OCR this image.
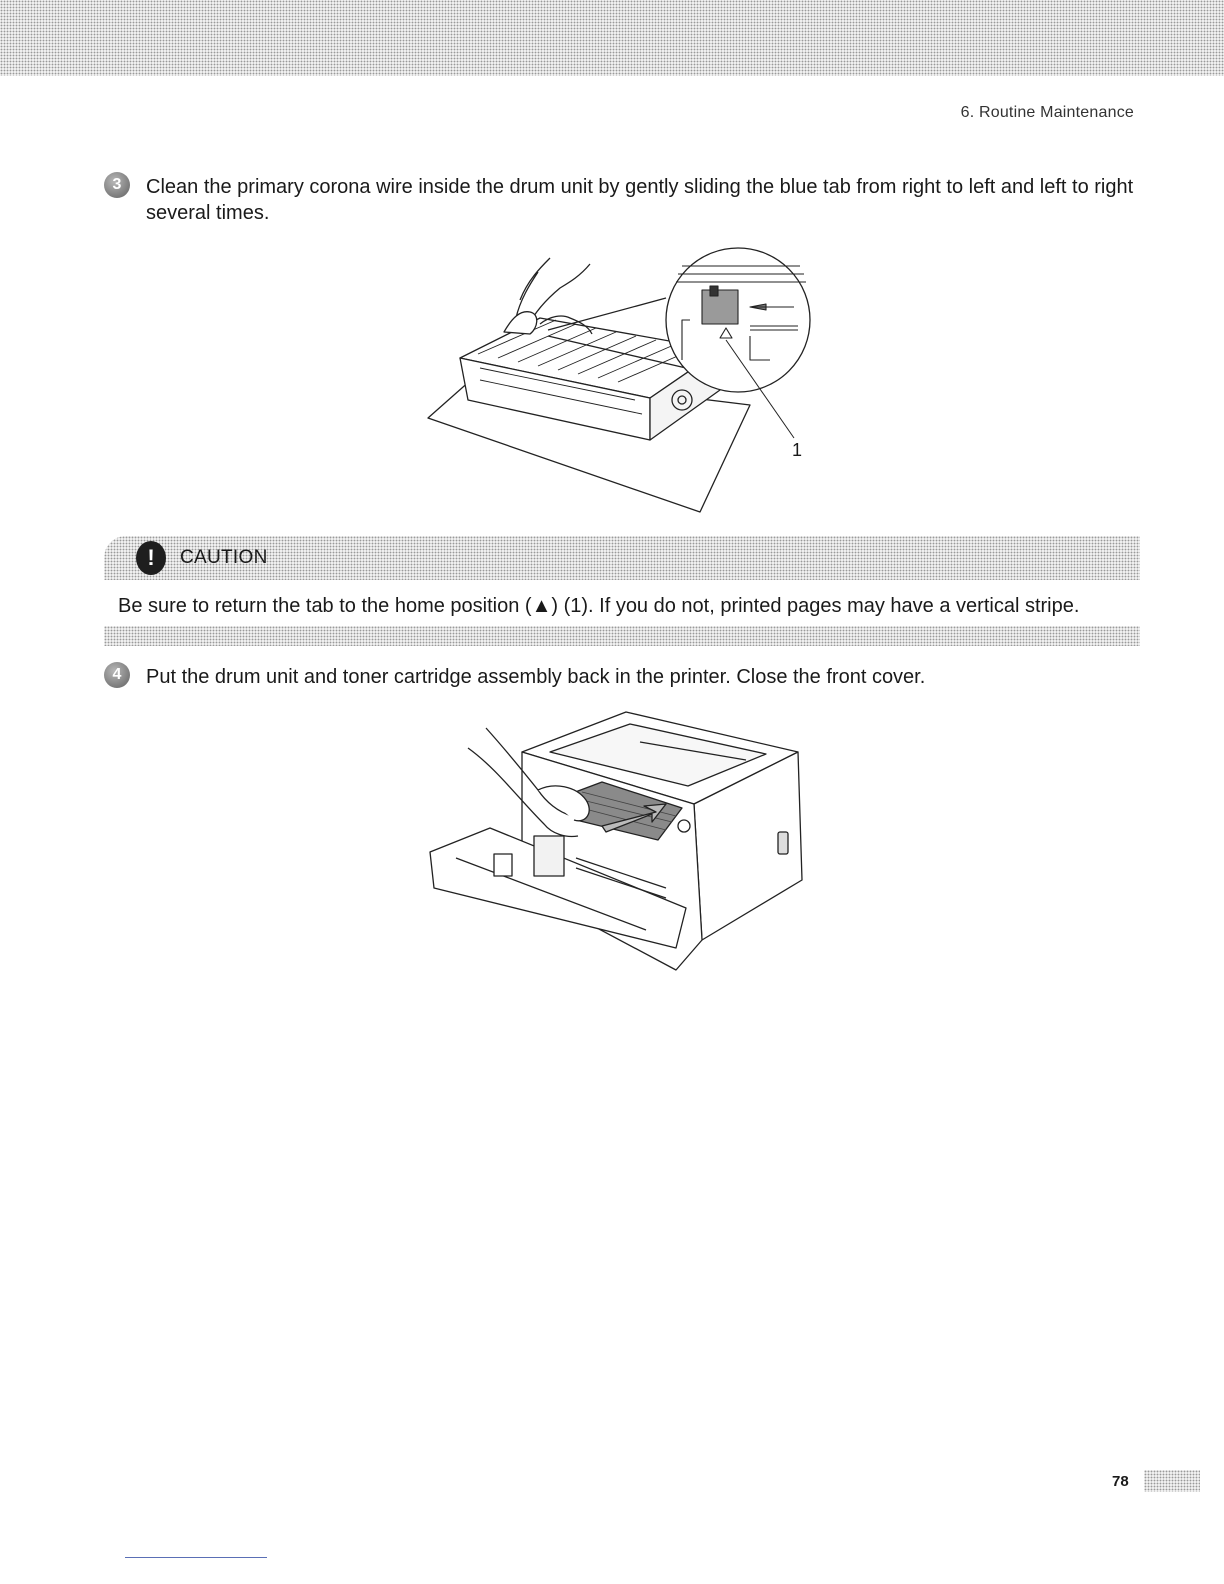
6. Routine Maintenance
3	Clean the primary corona wire inside the drum unit by gently sliding the blue tab from right to left and left to right several times.
1
!	CAUTION
Be sure to return the tab to the home position (▲) (1). If you do not, printed pages may have a vertical stripe.
4	Put the drum unit and toner cartridge assembly back in the printer. Close the front cover.
78
